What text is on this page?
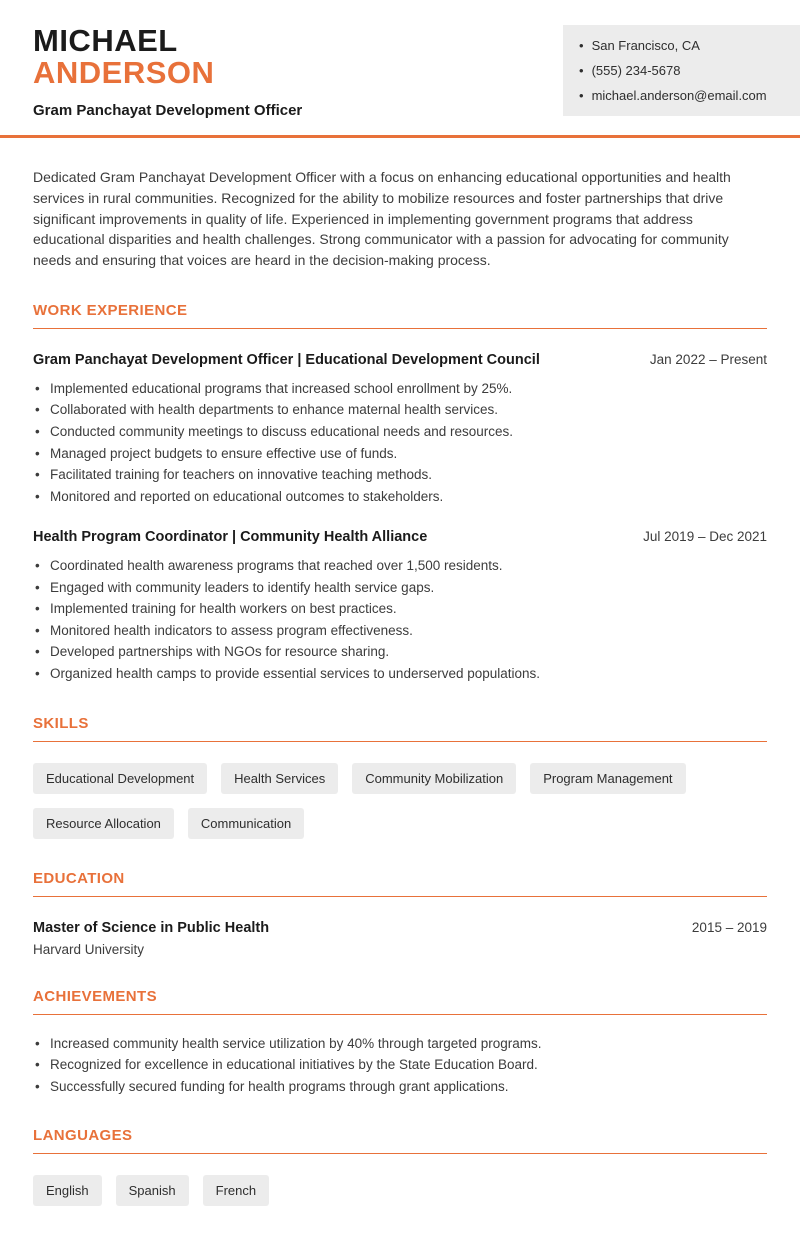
MICHAEL
ANDERSON
Gram Panchayat Development Officer
• San Francisco, CA
• (555) 234-5678
• michael.anderson@email.com

Dedicated Gram Panchayat Development Officer with a focus on enhancing educational opportunities and health services in rural communities. Recognized for the ability to mobilize resources and foster partnerships that drive significant improvements in quality of life. Experienced in implementing government programs that address educational disparities and health challenges. Strong communicator with a passion for advocating for community needs and ensuring that voices are heard in the decision-making process.

WORK EXPERIENCE
Gram Panchayat Development Officer | Educational Development Council	Jan 2022 – Present
• Implemented educational programs that increased school enrollment by 25%.
• Collaborated with health departments to enhance maternal health services.
• Conducted community meetings to discuss educational needs and resources.
• Managed project budgets to ensure effective use of funds.
• Facilitated training for teachers on innovative teaching methods.
• Monitored and reported on educational outcomes to stakeholders.
Health Program Coordinator | Community Health Alliance	Jul 2019 – Dec 2021
• Coordinated health awareness programs that reached over 1,500 residents.
• Engaged with community leaders to identify health service gaps.
• Implemented training for health workers on best practices.
• Monitored health indicators to assess program effectiveness.
• Developed partnerships with NGOs for resource sharing.
• Organized health camps to provide essential services to underserved populations.
SKILLS
Educational Development	Health Services	Community Mobilization	Program Management
Resource Allocation	Communication
EDUCATION
Master of Science in Public Health	2015 – 2019
Harvard University
ACHIEVEMENTS
• Increased community health service utilization by 40% through targeted programs.
• Recognized for excellence in educational initiatives by the State Education Board.
• Successfully secured funding for health programs through grant applications.
LANGUAGES
English	Spanish	French
